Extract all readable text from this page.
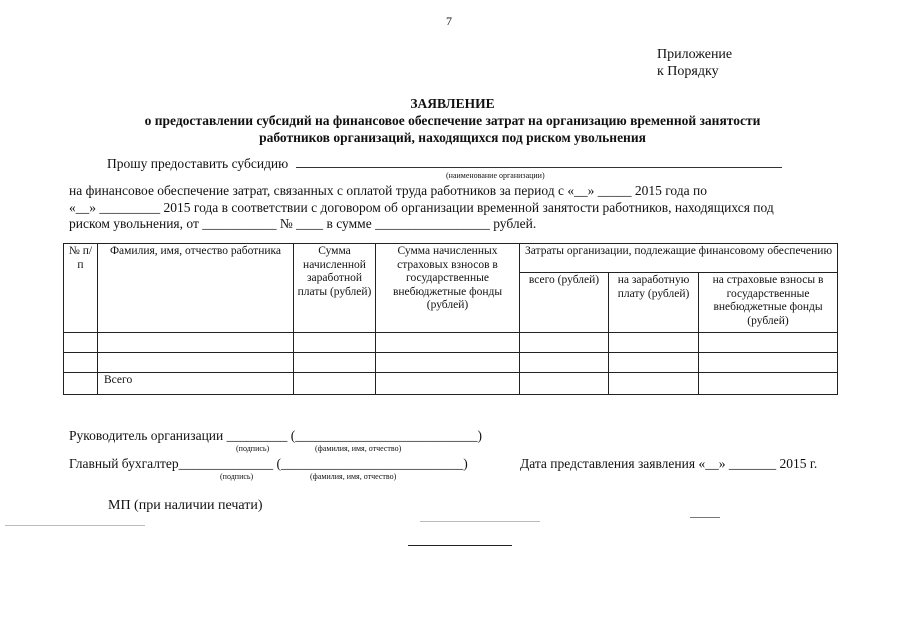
7
Приложение
к Порядку
ЗАЯВЛЕНИЕ
о предоставлении субсидий на финансовое обеспечение затрат на организацию временной занятости
работников организаций, находящихся под риском увольнения
Прошу предоставить субсидию
(наименование организации)

на финансовое обеспечение затрат, связанных с оплатой труда работников за период с «__» _____ 2015 года по

«__» _________ 2015 года в соответствии с договором об организации временной занятости работников, находящихся под

риском увольнения, от ___________ № ____ в сумме _________________ рублей.

№ п/п	Фамилия, имя, отчество работника	Сумма начисленной заработной платы (рублей)	Сумма начисленных страховых взносов в государственные внебюджетные фонды (рублей)	Затраты организации, подлежащие финансовому обеспечению		
				всего (рублей)	на заработную плату (рублей)	на страховые взносы в государственные внебюджетные фонды (рублей)

	Всего					
Руководитель организации _________ (___________________________)
(подпись)	(фамилия, имя, отчество)
Главный бухгалтер______________ (___________________________)
(подпись)	(фамилия, имя, отчество)
Дата представления заявления «__» _______ 2015 г.
МП (при наличии печати)
